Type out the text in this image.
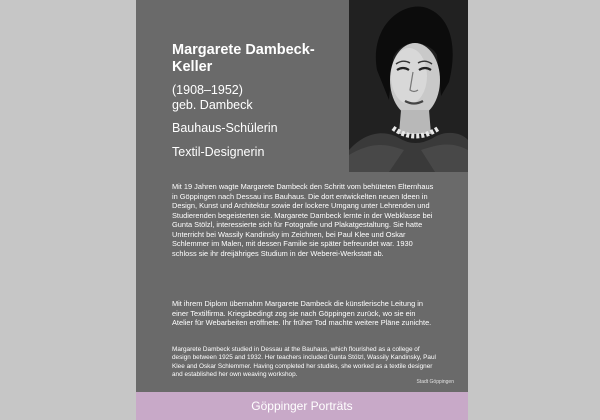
Margarete Dambeck-Keller
(1908–1952)
geb. Dambeck
Bauhaus-Schülerin
Textil-Designerin
Mit 19 Jahren wagte Margarete Dambeck den Schritt vom behüteten Elternhaus in Göppingen nach Dessau ins Bauhaus. Die dort entwickelten neuen Ideen in Design, Kunst und Architektur sowie der lockere Umgang unter Lehrenden und Studierenden begeisterten sie. Margarete Dambeck lernte in der Webklasse bei Gunta Stölzl, interessierte sich für Fotografie und Plakatgestaltung. Sie hatte Unterricht bei Wassily Kandinsky im Zeichnen, bei Paul Klee und Oskar Schlemmer im Malen, mit dessen Familie sie später befreundet war. 1930 schloss sie ihr dreijähriges Studium in der Weberei-Werkstatt ab.
Mit ihrem Diplom übernahm Margarete Dambeck die künstlerische Leitung in einer Textilfirma. Kriegsbedingt zog sie nach Göppingen zurück, wo sie ein Atelier für Webarbeiten eröffnete. Ihr früher Tod machte weitere Pläne zunichte.
Margarete Dambeck studied in Dessau at the Bauhaus, which flourished as a college of design between 1925 and 1932. Her teachers included Gunta Stölzl, Wassily Kandinsky, Paul Klee and Oskar Schlemmer. Having completed her studies, she worked as a textile designer and established her own weaving workshop.
Stadt Göppingen
Göppinger Porträts
